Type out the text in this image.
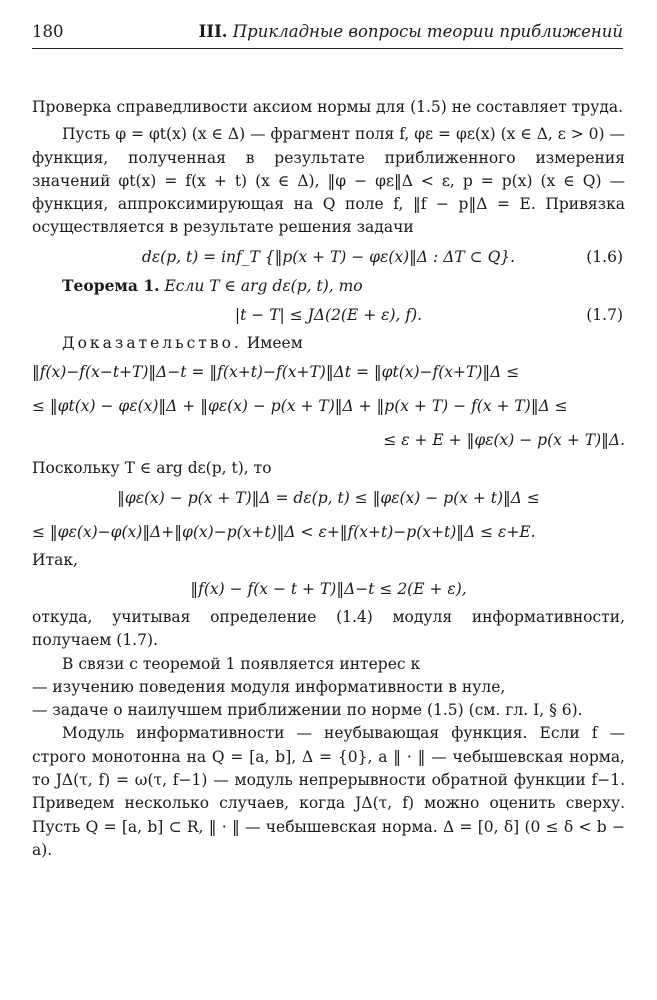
180	III. Прикладные вопросы теории приближений

Проверка справедливости аксиом нормы для (1.5) не составляет труда.

Пусть φ = φt(x) (x ∈ Δ) — фрагмент поля f, φε = φε(x) (x ∈ Δ, ε > 0) — функция, полученная в результате приближенного измерения значений φt(x) = f(x + t) (x ∈ Δ), ‖φ − φε‖Δ < ε, p = p(x) (x ∈ Q) — функция, аппроксимирующая на Q поле f, ‖f − p‖Δ = E. Привязка осуществляется в результате решения задачи

dε(p, t) = inf_T {‖p(x + T) − φε(x)‖Δ : ΔT ⊂ Q}.	(1.6)

Теорема 1. Если T ∈ arg dε(p, t), то

|t − T| ≤ JΔ(2(E + ε), f).	(1.7)

Доказательство. Имеем

‖f(x)−f(x−t+T)‖Δ−t = ‖f(x+t)−f(x+T)‖Δt = ‖φt(x)−f(x+T)‖Δ ≤
≤ ‖φt(x) − φε(x)‖Δ + ‖φε(x) − p(x + T)‖Δ + ‖p(x + T) − f(x + T)‖Δ ≤
≤ ε + E + ‖φε(x) − p(x + T)‖Δ.

Поскольку T ∈ arg dε(p, t), то

‖φε(x) − p(x + T)‖Δ = dε(p, t) ≤ ‖φε(x) − p(x + t)‖Δ ≤
≤ ‖φε(x)−φ(x)‖Δ+‖φ(x)−p(x+t)‖Δ < ε+‖f(x+t)−p(x+t)‖Δ ≤ ε+E.

Итак,

‖f(x) − f(x − t + T)‖Δ−t ≤ 2(E + ε),

откуда, учитывая определение (1.4) модуля информативности, получаем (1.7).

В связи с теоремой 1 появляется интерес к

— изучению поведения модуля информативности в нуле,

— задаче о наилучшем приближении по норме (1.5) (см. гл. I, § 6).

Модуль информативности — неубывающая функция. Если f — строго монотонна на Q = [a, b], Δ = {0}, а ‖ · ‖ — чебышевская норма, то JΔ(τ, f) = ω(τ, f−1) — модуль непрерывности обратной функции f−1. Приведем несколько случаев, когда JΔ(τ, f) можно оценить сверху. Пусть Q = [a, b] ⊂ R, ‖ · ‖ — чебышевская норма. Δ = [0, δ] (0 ≤ δ < b − a).
